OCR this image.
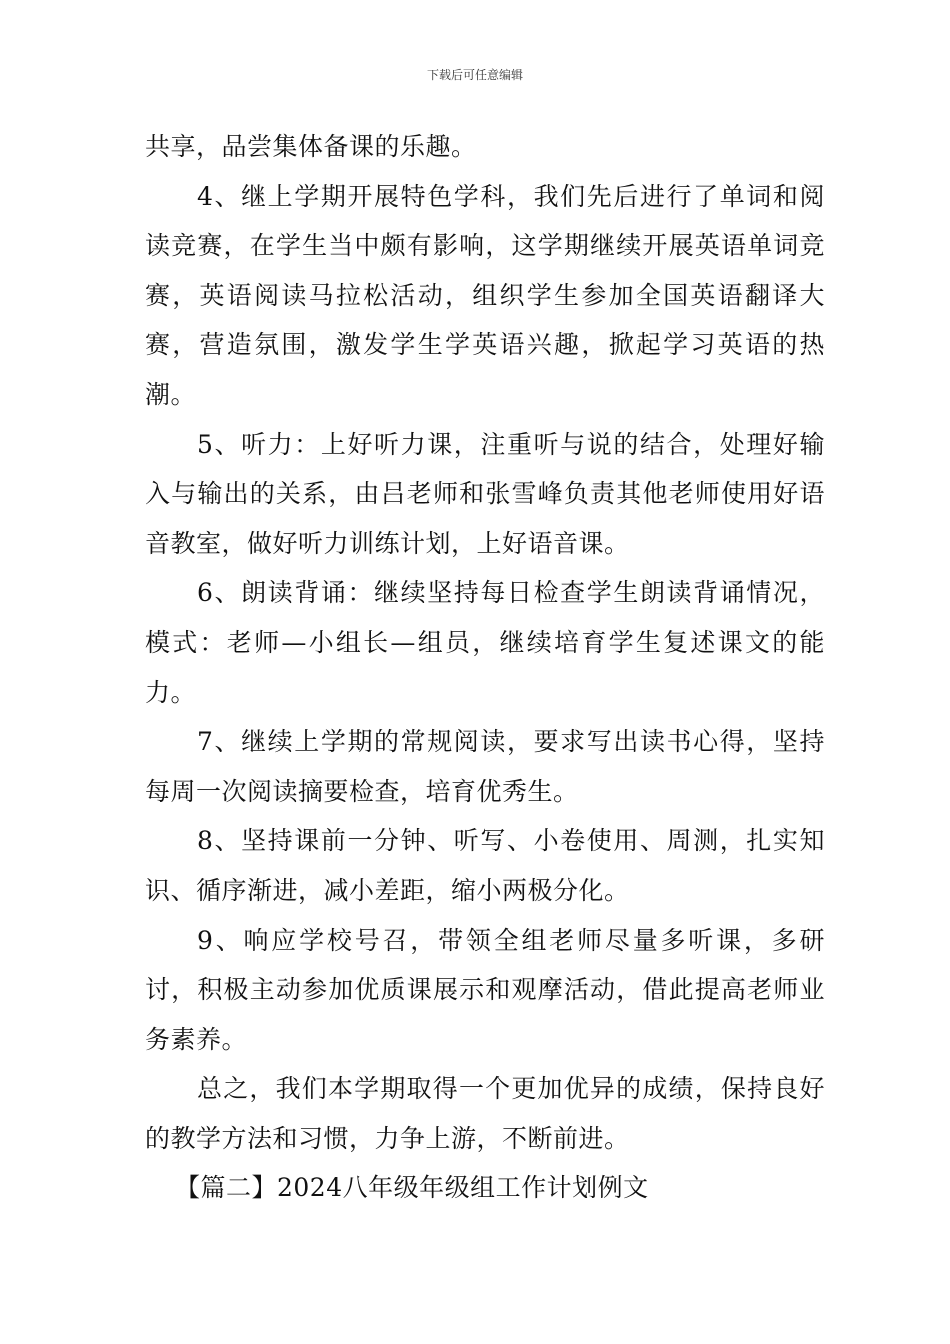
下载后可任意编辑

共享，品尝集体备课的乐趣。

4、继上学期开展特色学科，我们先后进行了单词和阅读竞赛，在学生当中颇有影响，这学期继续开展英语单词竞赛，英语阅读马拉松活动，组织学生参加全国英语翻译大赛，营造氛围，激发学生学英语兴趣，掀起学习英语的热潮。

5、听力：上好听力课，注重听与说的结合，处理好输入与输出的关系，由吕老师和张雪峰负责其他老师使用好语音教室，做好听力训练计划，上好语音课。

6、朗读背诵：继续坚持每日检查学生朗读背诵情况，模式：老师—小组长—组员，继续培育学生复述课文的能力。

7、继续上学期的常规阅读，要求写出读书心得，坚持每周一次阅读摘要检查，培育优秀生。

8、坚持课前一分钟、听写、小卷使用、周测，扎实知识、循序渐进，减小差距，缩小两极分化。

9、响应学校号召，带领全组老师尽量多听课，多研讨，积极主动参加优质课展示和观摩活动，借此提高老师业务素养。

总之，我们本学期取得一个更加优异的成绩，保持良好的教学方法和习惯，力争上游，不断前进。

【篇二】2024八年级年级组工作计划例文
